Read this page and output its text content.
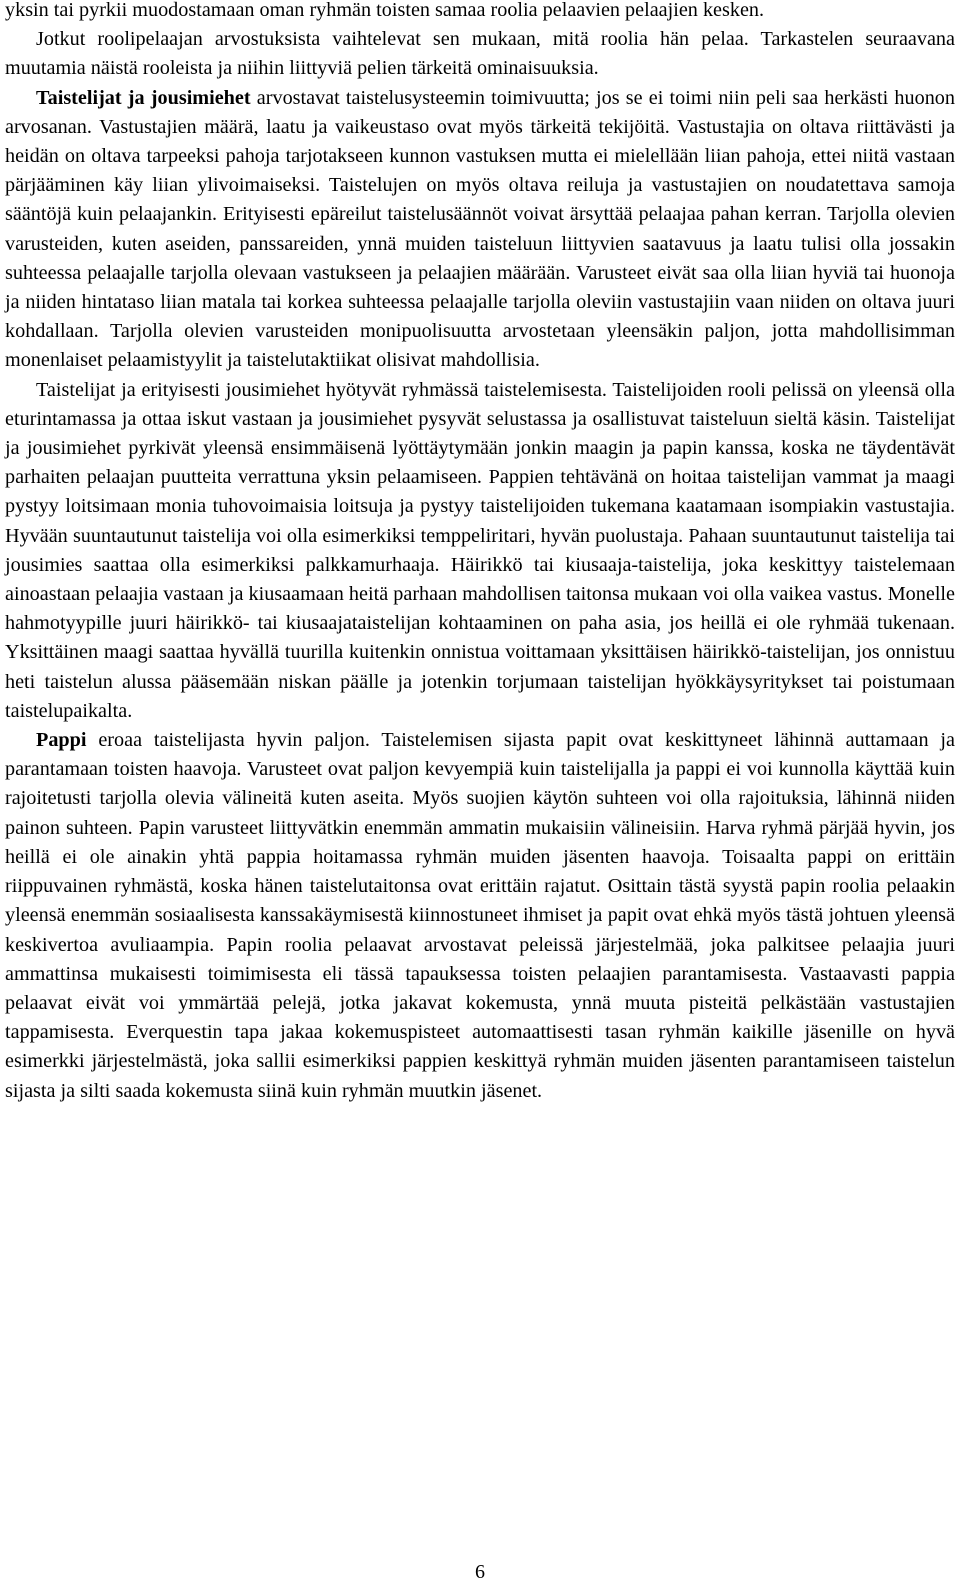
yksin tai pyrkii muodostamaan oman ryhmän toisten samaa roolia pelaavien pelaajien kesken.

Jotkut roolipelaajan arvostuksista vaihtelevat sen mukaan, mitä roolia hän pelaa. Tarkastelen seuraavana muutamia näistä rooleista ja niihin liittyviä pelien tärkeitä ominaisuuksia.

Taistelijat ja jousimiehet arvostavat taistelusysteemin toimivuutta; jos se ei toimi niin peli saa herkästi huonon arvosanan. Vastustajien määrä, laatu ja vaikeustaso ovat myös tärkeitä tekijöitä. Vastustajia on oltava riittävästi ja heidän on oltava tarpeeksi pahoja tarjotakseen kunnon vastuksen mutta ei mielellään liian pahoja, ettei niitä vastaan pärjääminen käy liian ylivoimaiseksi. Taistelujen on myös oltava reiluja ja vastustajien on noudatettava samoja sääntöjä kuin pelaajankin. Erityisesti epäreilut taistelusäännöt voivat ärsyttää pelaajaa pahan kerran. Tarjolla olevien varusteiden, kuten aseiden, panssareiden, ynnä muiden taisteluun liittyvien saatavuus ja laatu tulisi olla jossakin suhteessa pelaajalle tarjolla olevaan vastukseen ja pelaajien määrään. Varusteet eivät saa olla liian hyviä tai huonoja ja niiden hintataso liian matala tai korkea suhteessa pelaajalle tarjolla oleviin vastustajiin vaan niiden on oltava juuri kohdallaan. Tarjolla olevien varusteiden monipuolisuutta arvostetaan yleensäkin paljon, jotta mahdollisimman monenlaiset pelaamistyylit ja taistelutaktiikat olisivat mahdollisia.

Taistelijat ja erityisesti jousimiehet hyötyvät ryhmässä taistelemisesta. Taistelijoiden rooli pelissä on yleensä olla eturintamassa ja ottaa iskut vastaan ja jousimiehet pysyvät selustassa ja osallistuvat taisteluun sieltä käsin. Taistelijat ja jousimiehet pyrkivät yleensä ensimmäisenä lyöttäytymään jonkin maagin ja papin kanssa, koska ne täydentävät parhaiten pelaajan puutteita verrattuna yksin pelaamiseen. Pappien tehtävänä on hoitaa taistelijan vammat ja maagi pystyy loitsimaan monia tuhovoimaisia loitsuja ja pystyy taistelijoiden tukemana kaatamaan isompiakin vastustajia. Hyvään suuntautunut taistelija voi olla esimerkiksi temppeliritari, hyvän puolustaja. Pahaan suuntautunut taistelija tai jousimies saattaa olla esimerkiksi palkkamurhaaja. Häirikkö tai kiusaaja-taistelija, joka keskittyy taistelemaan ainoastaan pelaajia vastaan ja kiusaamaan heitä parhaan mahdollisen taitonsa mukaan voi olla vaikea vastus. Monelle hahmotyypille juuri häirikkö- tai kiusaajataistelijan kohtaaminen on paha asia, jos heillä ei ole ryhmää tukenaan. Yksittäinen maagi saattaa hyvällä tuurilla kuitenkin onnistua voittamaan yksittäisen häirikkö-taistelijan, jos onnistuu heti taistelun alussa pääsemään niskan päälle ja jotenkin torjumaan taistelijan hyökkäysyritykset tai poistumaan taistelupaikalta.

Pappi eroaa taistelijasta hyvin paljon. Taistelemisen sijasta papit ovat keskittyneet lähinnä auttamaan ja parantamaan toisten haavoja. Varusteet ovat paljon kevyempiä kuin taistelijalla ja pappi ei voi kunnolla käyttää kuin rajoitetusti tarjolla olevia välineitä kuten aseita. Myös suojien käytön suhteen voi olla rajoituksia, lähinnä niiden painon suhteen. Papin varusteet liittyvätkin enemmän ammatin mukaisiin välineisiin. Harva ryhmä pärjää hyvin, jos heillä ei ole ainakin yhtä pappia hoitamassa ryhmän muiden jäsenten haavoja. Toisaalta pappi on erittäin riippuvainen ryhmästä, koska hänen taistelutaitonsa ovat erittäin rajatut. Osittain tästä syystä papin roolia pelaakin yleensä enemmän sosiaalisesta kanssakäymisestä kiinnostuneet ihmiset ja papit ovat ehkä myös tästä johtuen yleensä keskivertoa avuliaampia. Papin roolia pelaavat arvostavat peleissä järjestelmää, joka palkitsee pelaajia juuri ammattinsa mukaisesti toimimisesta eli tässä tapauksessa toisten pelaajien parantamisesta. Vastaavasti pappia pelaavat eivät voi ymmärtää pelejä, jotka jakavat kokemusta, ynnä muuta pisteitä pelkästään vastustajien tappamisesta. Everquestin tapa jakaa kokemuspisteet automaattisesti tasan ryhmän kaikille jäsenille on hyvä esimerkki järjestelmästä, joka sallii esimerkiksi pappien keskittyä ryhmän muiden jäsenten parantamiseen taistelun sijasta ja silti saada kokemusta siinä kuin ryhmän muutkin jäsenet.

6
